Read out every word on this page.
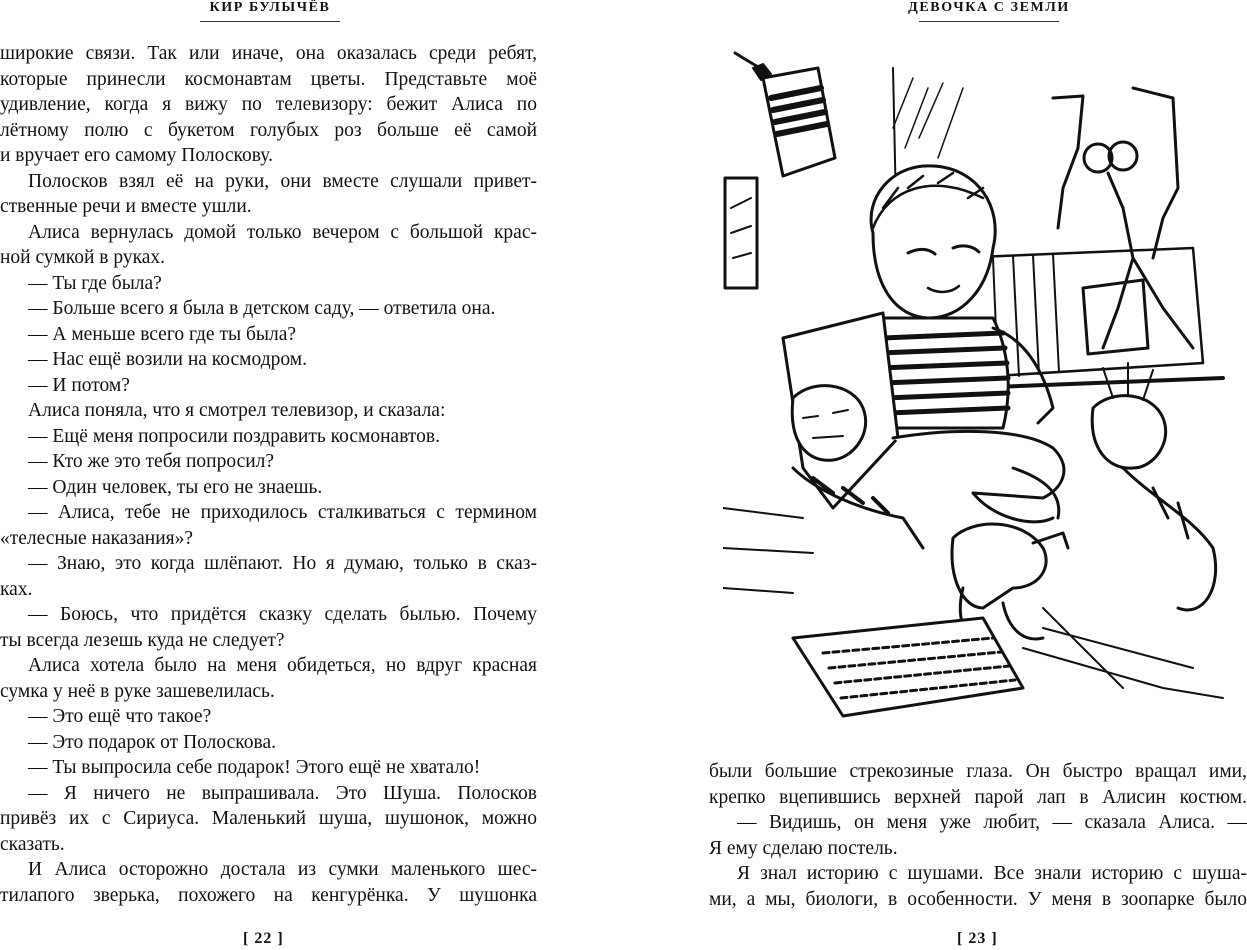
КИР БУЛЫЧЁВ
широкие связи. Так или иначе, она оказалась среди ребят,
которые принесли космонавтам цветы. Представьте моё
удивление, когда я вижу по телевизору: бежит Алиса по
лётному полю с букетом голубых роз больше её самой
и вручает его самому Полоскову.
Полосков взял её на руки, они вместе слушали привет-
ственные речи и вместе ушли.
Алиса вернулась домой только вечером с большой крас-
ной сумкой в руках.
— Ты где была?
— Больше всего я была в детском саду, — ответила она.
— А меньше всего где ты была?
— Нас ещё возили на космодром.
— И потом?
Алиса поняла, что я смотрел телевизор, и сказала:
— Ещё меня попросили поздравить космонавтов.
— Кто же это тебя попросил?
— Один человек, ты его не знаешь.
— Алиса, тебе не приходилось сталкиваться с термином
«телесные наказания»?
— Знаю, это когда шлёпают. Но я думаю, только в сказ-
ках.
— Боюсь, что придётся сказку сделать былью. Почему
ты всегда лезешь куда не следует?
Алиса хотела было на меня обидеться, но вдруг красная
сумка у неё в руке зашевелилась.
— Это ещё что такое?
— Это подарок от Полоскова.
— Ты выпросила себе подарок! Этого ещё не хватало!
— Я ничего не выпрашивала. Это Шуша. Полосков
привёз их с Сириуса. Маленький шуша, шушонок, можно
сказать.
И Алиса осторожно достала из сумки маленького шес-
тилапого зверька, похожего на кенгурёнка. У шушонка
[ 22 ]
ДЕВОЧКА С ЗЕМЛИ
были большие стрекозиные глаза. Он быстро вращал ими,
крепко вцепившись верхней парой лап в Алисин костюм.
— Видишь, он меня уже любит, — сказала Алиса. —
Я ему сделаю постель.
Я знал историю с шушами. Все знали историю с шуша-
ми, а мы, биологи, в особенности. У меня в зоопарке было
[ 23 ]
